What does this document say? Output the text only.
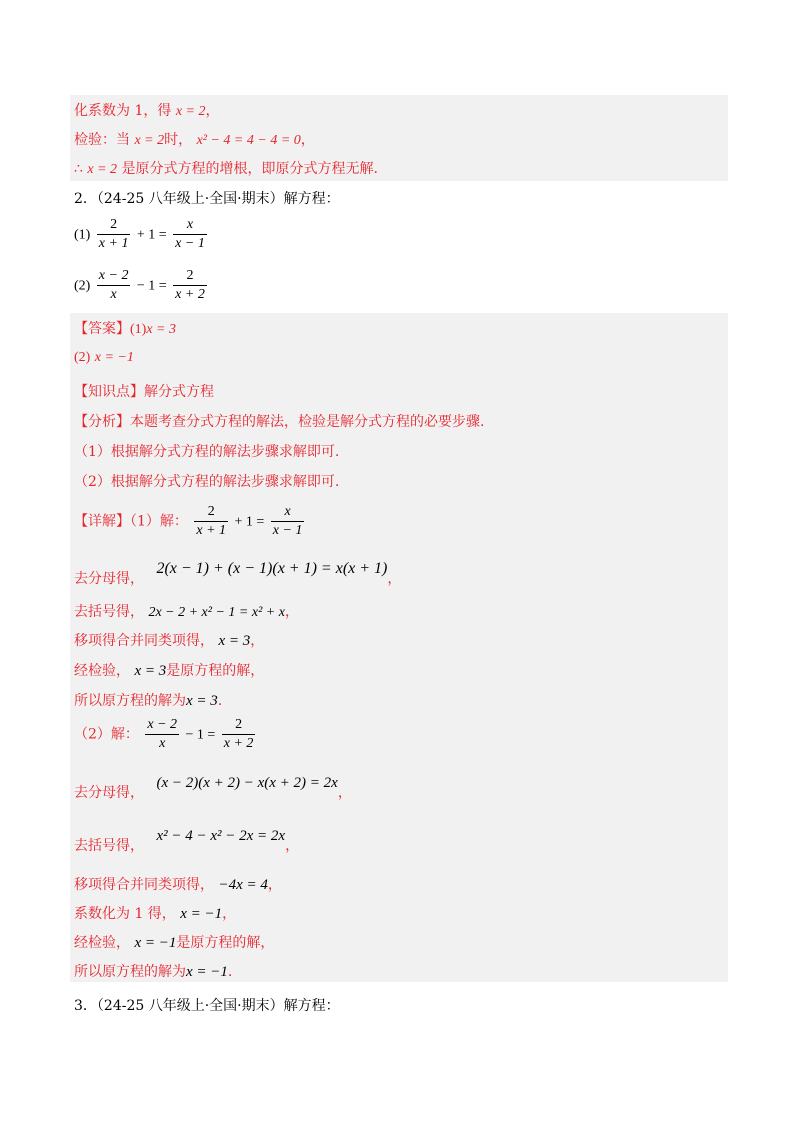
化系数为 1，得 x = 2，
检验：当 x = 2时， x² − 4 = 4 − 4 = 0，
∴ x = 2 是原分式方程的增根，即原分式方程无解.
2．（24-25 八年级上·全国·期末）解方程：
$(1) \frac{2}{x + 1} + 1 = \frac{x}{x - 1}$
$(2) \frac{x - 2}{x} - 1 = \frac{2}{x + 2}$
【答案】(1)x = 3
(2) x = −1
【知识点】解分式方程
【分析】本题考查分式方程的解法，检验是解分式方程的必要步骤.
（1）根据解分式方程的解法步骤求解即可.
（2）根据解分式方程的解法步骤求解即可.
【详解】（1）解： $\frac{2}{x + 1} + 1 = \frac{x}{x - 1}$
去分母得， 2(x − 1) + (x − 1)(x + 1) = x(x + 1)，
去括号得， 2x − 2 + x² − 1 = x² + x，
移项得合并同类项得， x = 3，
经检验， x = 3是原方程的解，
所以原方程的解为x = 3.
（2）解： $\frac{x - 2}{x} - 1 = \frac{2}{x + 2}$
去分母得， (x − 2)(x + 2) − x(x + 2) = 2x，
去括号得， x² − 4 − x² − 2x = 2x，
移项得合并同类项得， −4x = 4，
系数化为 1 得， x = −1，
经检验， x = −1是原方程的解，
所以原方程的解为x = −1.
3．（24-25 八年级上·全国·期末）解方程：
